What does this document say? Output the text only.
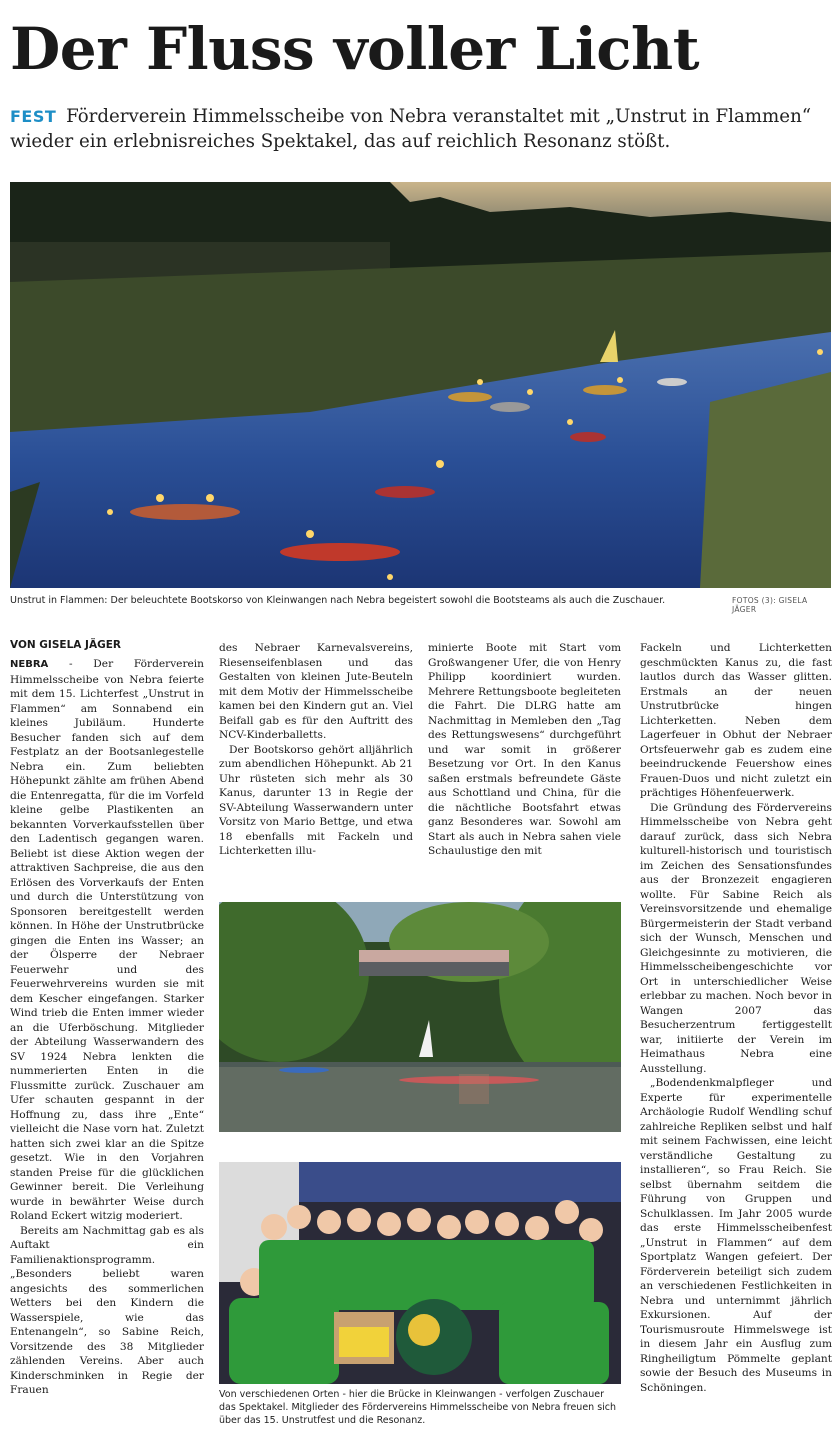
Der Fluss voller Licht
FEST Förderverein Himmelsscheibe von Nebra veranstaltet mit „Unstrut in Flammen“ wieder ein erlebnisreiches Spektakel, das auf reichlich Resonanz stößt.
Unstrut in Flammen: Der beleuchtete Bootskorso von Kleinwangen nach Nebra begeistert sowohl die Bootsteams als auch die Zuschauer.	FOTOS (3): GISELA JÄGER
VON GISELA JÄGER

NEBRA - Der Förderverein Himmelsscheibe von Nebra feierte mit dem 15. Lichterfest „Unstrut in Flammen“ am Sonnabend ein kleines Jubiläum. Hunderte Besucher fanden sich auf dem Festplatz an der Bootsanlegestelle Nebra ein. Zum beliebten Höhepunkt zählte am frühen Abend die Entenregatta, für die im Vorfeld kleine gelbe Plastikenten an bekannten Vorverkaufsstellen über den Ladentisch gegangen waren. Beliebt ist diese Aktion wegen der attraktiven Sachpreise, die aus den Erlösen des Vorverkaufs der Enten und durch die Unterstützung von Sponsoren bereitgestellt werden können. In Höhe der Unstrutbrücke gingen die Enten ins Wasser; an der Ölsperre der Nebraer Feuerwehr und des Feuerwehrvereins wurden sie mit dem Kescher eingefangen. Starker Wind trieb die Enten immer wieder an die Uferböschung. Mitglieder der Abteilung Wasserwandern des SV 1924 Nebra lenkten die nummerierten Enten in die Flussmitte zurück. Zuschauer am Ufer schauten gespannt in der Hoffnung zu, dass ihre „Ente“ vielleicht die Nase vorn hat. Zuletzt hatten sich zwei klar an die Spitze gesetzt. Wie in den Vorjahren standen Preise für die glücklichen Gewinner bereit. Die Verleihung wurde in bewährter Weise durch Roland Eckert witzig moderiert.

Bereits am Nachmittag gab es als Auftakt ein Familienaktionsprogramm. „Besonders beliebt waren angesichts des sommerlichen Wetters bei den Kindern die Wasserspiele, wie das Entenangeln“, so Sabine Reich, Vorsitzende des 38 Mitglieder zählenden Vereins. Aber auch Kinderschminken in Regie der Frauen

des Nebraer Karnevalsvereins, Riesenseifenblasen und das Gestalten von kleinen Jute-Beuteln mit dem Motiv der Himmelsscheibe kamen bei den Kindern gut an. Viel Beifall gab es für den Auftritt des NCV-Kinderballetts.

Der Bootskorso gehört alljährlich zum abendlichen Höhepunkt. Ab 21 Uhr rüsteten sich mehr als 30 Kanus, darunter 13 in Regie der SV-Abteilung Wasserwandern unter Vorsitz von Mario Bettge, und etwa 18 ebenfalls mit Fackeln und Lichterketten illu-

minierte Boote mit Start vom Großwangener Ufer, die von Henry Philipp koordiniert wurden. Mehrere Rettungsboote begleiteten die Fahrt. Die DLRG hatte am Nachmittag in Memleben den „Tag des Rettungswesens“ durchgeführt und war somit in größerer Besetzung vor Ort. In den Kanus saßen erstmals befreundete Gäste aus Schottland und China, für die die nächtliche Bootsfahrt etwas ganz Besonderes war. Sowohl am Start als auch in Nebra sahen viele Schaulustige den mit

Fackeln und Lichterketten geschmückten Kanus zu, die fast lautlos durch das Wasser glitten. Erstmals an der neuen Unstrutbrücke hingen Lichterketten. Neben dem Lagerfeuer in Obhut der Nebraer Ortsfeuerwehr gab es zudem eine beeindruckende Feuershow eines Frauen-Duos und nicht zuletzt ein prächtiges Höhenfeuerwerk.

Die Gründung des Fördervereins Himmelsscheibe von Nebra geht darauf zurück, dass sich Nebra kulturell-historisch und touristisch im Zeichen des Sensationsfundes aus der Bronzezeit engagieren wollte. Für Sabine Reich als Vereinsvorsitzende und ehemalige Bürgermeisterin der Stadt verband sich der Wunsch, Menschen und Gleichgesinnte zu motivieren, die Himmelsscheibengeschichte vor Ort in unterschiedlicher Weise erlebbar zu machen. Noch bevor in Wangen 2007 das Besucherzentrum fertiggestellt war, initiierte der Verein im Heimathaus Nebra eine Ausstellung.

„Bodendenkmalpfleger und Experte für experimentelle Archäologie Rudolf Wendling schuf zahlreiche Repliken selbst und half mit seinem Fachwissen, eine leicht verständliche Gestaltung zu installieren“, so Frau Reich. Sie selbst übernahm seitdem die Führung von Gruppen und Schulklassen. Im Jahr 2005 wurde das erste Himmelsscheibenfest „Unstrut in Flammen“ auf dem Sportplatz Wangen gefeiert. Der Förderverein beteiligt sich zudem an verschiedenen Festlichkeiten in Nebra und unternimmt jährlich Exkursionen. Auf der Tourismusroute Himmelswege ist in diesem Jahr ein Ausflug zum Ringheiligtum Pömmelte geplant sowie der Besuch des Museums in Schöningen.

Von verschiedenen Orten - hier die Brücke in Kleinwangen - verfolgen Zuschauer das Spektakel. Mitglieder des Fördervereins Himmelsscheibe von Nebra freuen sich über das 15. Unstrutfest und die Resonanz.
